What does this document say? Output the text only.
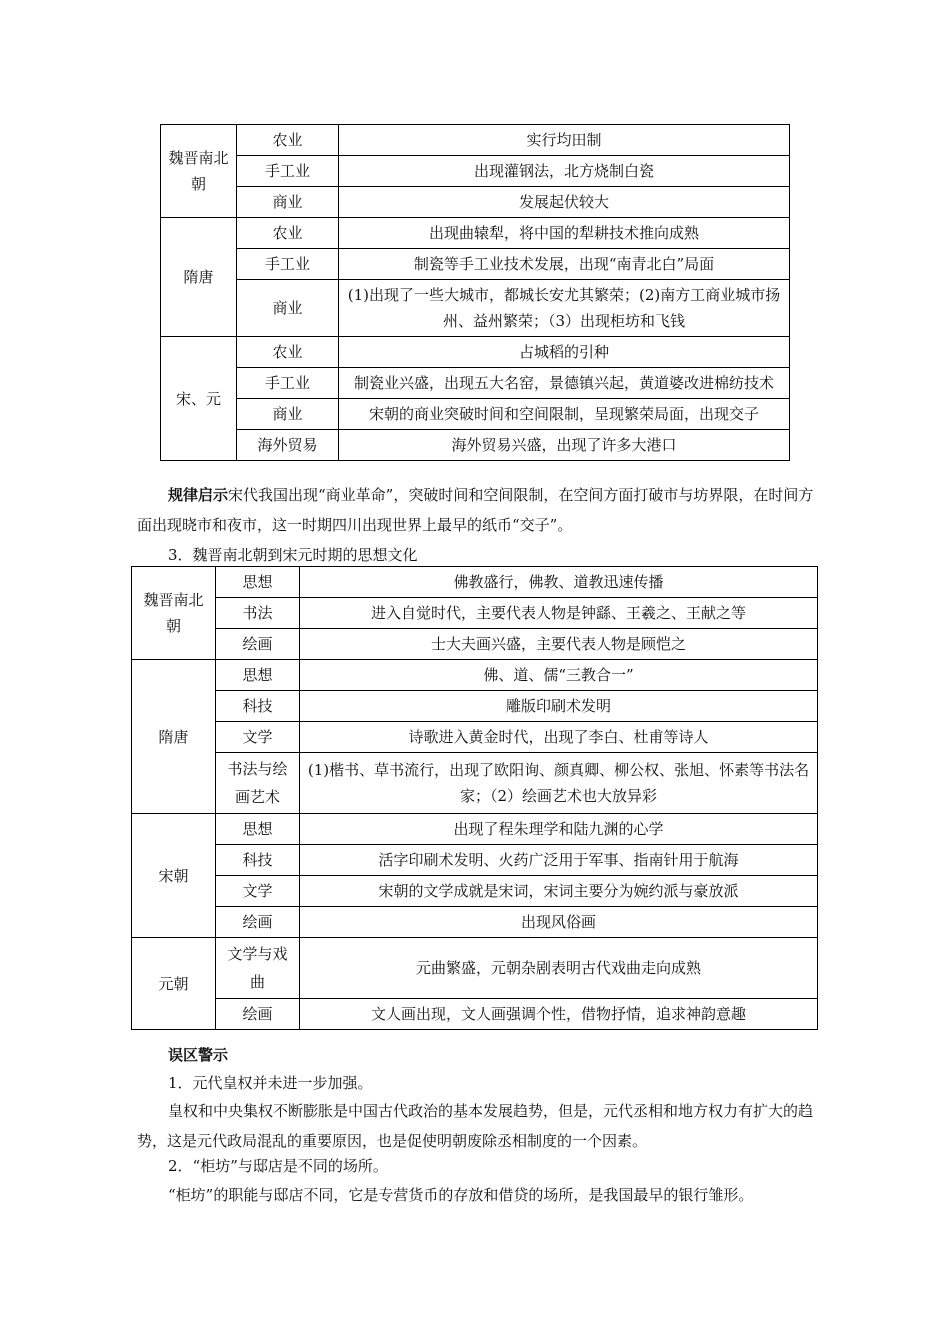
魏晋南北朝	农业	实行均田制
	手工业	出现灌钢法，北方烧制白瓷
	商业	发展起伏较大
隋唐	农业	出现曲辕犁，将中国的犁耕技术推向成熟
	手工业	制瓷等手工业技术发展，出现“南青北白”局面
	商业	(1)出现了一些大城市，都城长安尤其繁荣；(2)南方工商业城市扬州、益州繁荣；（3）出现柜坊和飞钱
宋、元	农业	占城稻的引种
	手工业	制瓷业兴盛，出现五大名窑，景德镇兴起，黄道婆改进棉纺技术
	商业	宋朝的商业突破时间和空间限制，呈现繁荣局面，出现交子
	海外贸易	海外贸易兴盛，出现了许多大港口

规律启示宋代我国出现“商业革命”，突破时间和空间限制，在空间方面打破市与坊界限，在时间方面出现晓市和夜市，这一时期四川出现世界上最早的纸币“交子”。

3．魏晋南北朝到宋元时期的思想文化

魏晋南北朝	思想	佛教盛行，佛教、道教迅速传播
	书法	进入自觉时代，主要代表人物是钟繇、王羲之、王献之等
	绘画	士大夫画兴盛，主要代表人物是顾恺之
隋唐	思想	佛、道、儒“三教合一”
	科技	雕版印刷术发明
	文学	诗歌进入黄金时代，出现了李白、杜甫等诗人
	书法与绘画艺术	(1)楷书、草书流行，出现了欧阳询、颜真卿、柳公权、张旭、怀素等书法名家；（2）绘画艺术也大放异彩
宋朝	思想	出现了程朱理学和陆九渊的心学
	科技	活字印刷术发明、火药广泛用于军事、指南针用于航海
	文学	宋朝的文学成就是宋词，宋词主要分为婉约派与豪放派
	绘画	出现风俗画
元朝	文学与戏曲	元曲繁盛，元朝杂剧表明古代戏曲走向成熟
	绘画	文人画出现，文人画强调个性，借物抒情，追求神韵意趣

误区警示

1．元代皇权并未进一步加强。

皇权和中央集权不断膨胀是中国古代政治的基本发展趋势，但是，元代丞相和地方权力有扩大的趋势，这是元代政局混乱的重要原因，也是促使明朝废除丞相制度的一个因素。

2．“柜坊”与邸店是不同的场所。

“柜坊”的职能与邸店不同，它是专营货币的存放和借贷的场所，是我国最早的银行雏形。
